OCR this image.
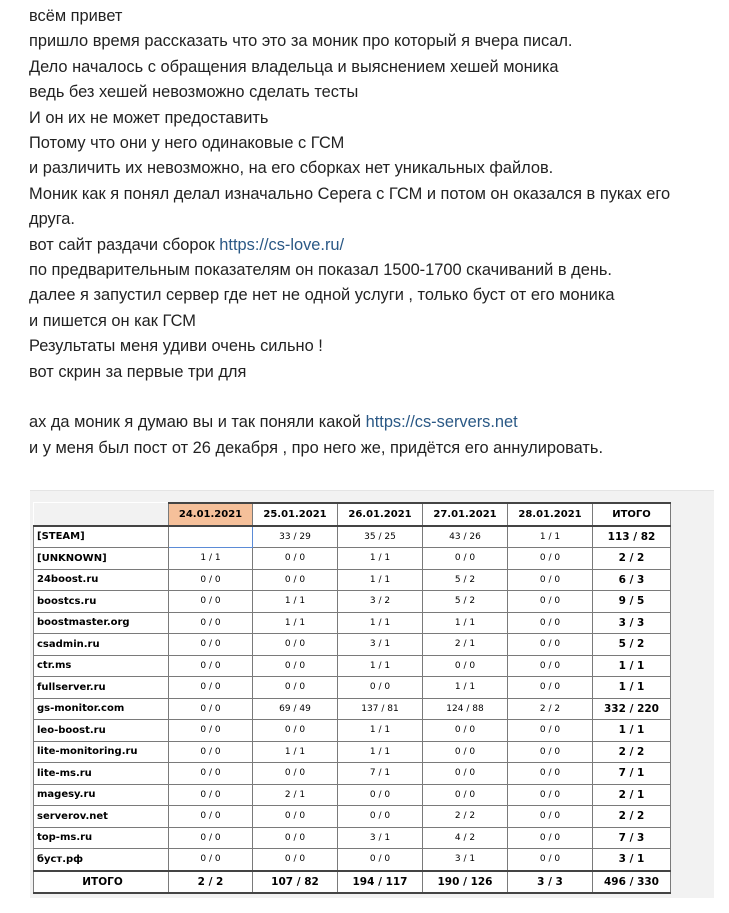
всём привет
пришло время рассказать что это за моник про который я вчера писал.
Дело началось с обращения владельца и выяснением хешей моника
ведь без хешей невозможно сделать тесты
И он их не может предоставить
Потому что они у него одинаковые с ГСМ
и различить их невозможно, на его сборках нет уникальных файлов.
Моник как я понял делал изначально Серега с ГСМ и потом он оказался в пуках его
друга.
вот сайт раздачи сборок https://cs-love.ru/
по предварительным показателям он показал 1500-1700 скачиваний в день.
далее я запустил сервер где нет не одной услуги , только буст от его моника
и пишется он как ГСМ
Результаты меня удиви очень сильно !
вот скрин за первые три для
ах да моник я думаю вы и так поняли какой https://cs-servers.net
и у меня был пост от 26 декабря , про него же, придётся его аннулировать.
	24.01.2021	25.01.2021	26.01.2021	27.01.2021	28.01.2021	ИТОГО
[STEAM]		33 / 29	35 / 25	43 / 26	1 / 1	113 / 82
[UNKNOWN]	1 / 1	0 / 0	1 / 1	0 / 0	0 / 0	2 / 2
24boost.ru	0 / 0	0 / 0	1 / 1	5 / 2	0 / 0	6 / 3
boostcs.ru	0 / 0	1 / 1	3 / 2	5 / 2	0 / 0	9 / 5
boostmaster.org	0 / 0	1 / 1	1 / 1	1 / 1	0 / 0	3 / 3
csadmin.ru	0 / 0	0 / 0	3 / 1	2 / 1	0 / 0	5 / 2
ctr.ms	0 / 0	0 / 0	1 / 1	0 / 0	0 / 0	1 / 1
fullserver.ru	0 / 0	0 / 0	0 / 0	1 / 1	0 / 0	1 / 1
gs-monitor.com	0 / 0	69 / 49	137 / 81	124 / 88	2 / 2	332 / 220
leo-boost.ru	0 / 0	0 / 0	1 / 1	0 / 0	0 / 0	1 / 1
lite-monitoring.ru	0 / 0	1 / 1	1 / 1	0 / 0	0 / 0	2 / 2
lite-ms.ru	0 / 0	0 / 0	7 / 1	0 / 0	0 / 0	7 / 1
magesy.ru	0 / 0	2 / 1	0 / 0	0 / 0	0 / 0	2 / 1
serverov.net	0 / 0	0 / 0	0 / 0	2 / 2	0 / 0	2 / 2
top-ms.ru	0 / 0	0 / 0	3 / 1	4 / 2	0 / 0	7 / 3
буст.рф	0 / 0	0 / 0	0 / 0	3 / 1	0 / 0	3 / 1
ИТОГО	2 / 2	107 / 82	194 / 117	190 / 126	3 / 3	496 / 330
